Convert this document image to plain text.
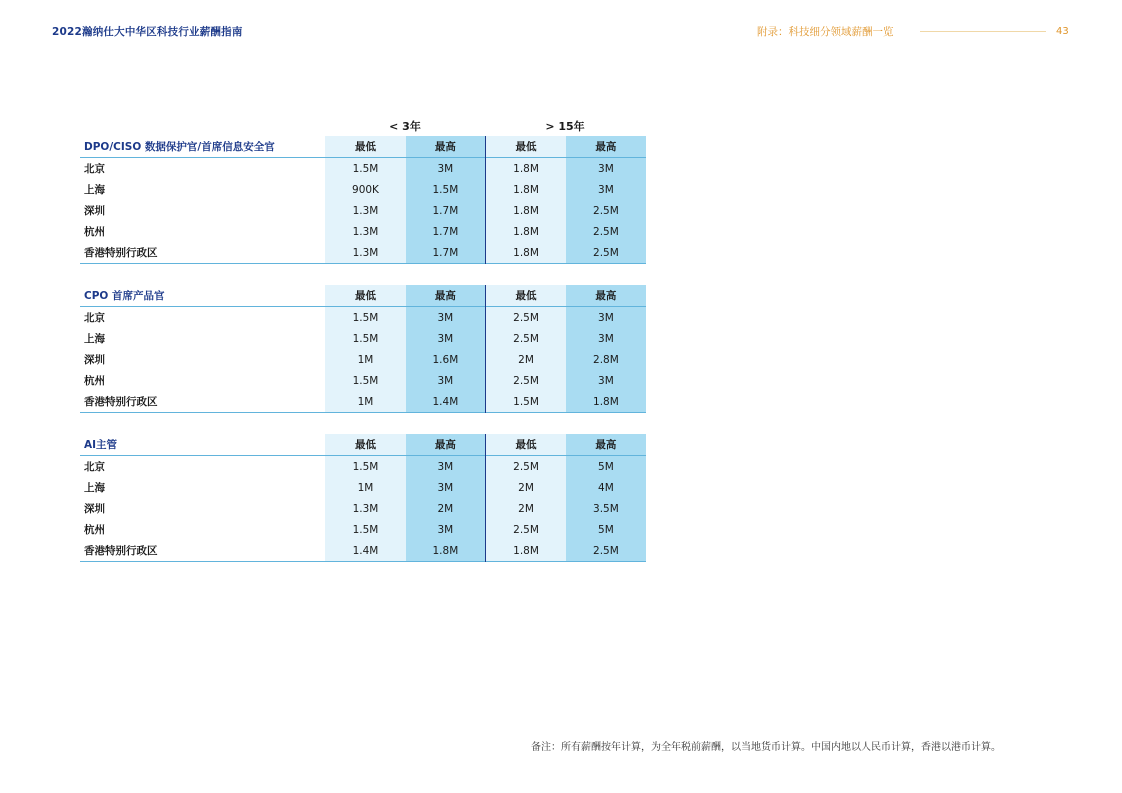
2022瀚纳仕大中华区科技行业薪酬指南	附录：科技细分领域薪酬一览	43
< 3年	> 15年
DPO/CISO 数据保护官/首席信息安全官	最低	最高	最低	最高
北京	1.5M	3M	1.8M	3M
上海	900K	1.5M	1.8M	3M
深圳	1.3M	1.7M	1.8M	2.5M
杭州	1.3M	1.7M	1.8M	2.5M
香港特别行政区	1.3M	1.7M	1.8M	2.5M
CPO 首席产品官	最低	最高	最低	最高
北京	1.5M	3M	2.5M	3M
上海	1.5M	3M	2.5M	3M
深圳	1M	1.6M	2M	2.8M
杭州	1.5M	3M	2.5M	3M
香港特别行政区	1M	1.4M	1.5M	1.8M
AI主管	最低	最高	最低	最高
北京	1.5M	3M	2.5M	5M
上海	1M	3M	2M	4M
深圳	1.3M	2M	2M	3.5M
杭州	1.5M	3M	2.5M	5M
香港特别行政区	1.4M	1.8M	1.8M	2.5M
备注：所有薪酬按年计算，为全年税前薪酬，以当地货币计算。中国内地以人民币计算，香港以港币计算。
